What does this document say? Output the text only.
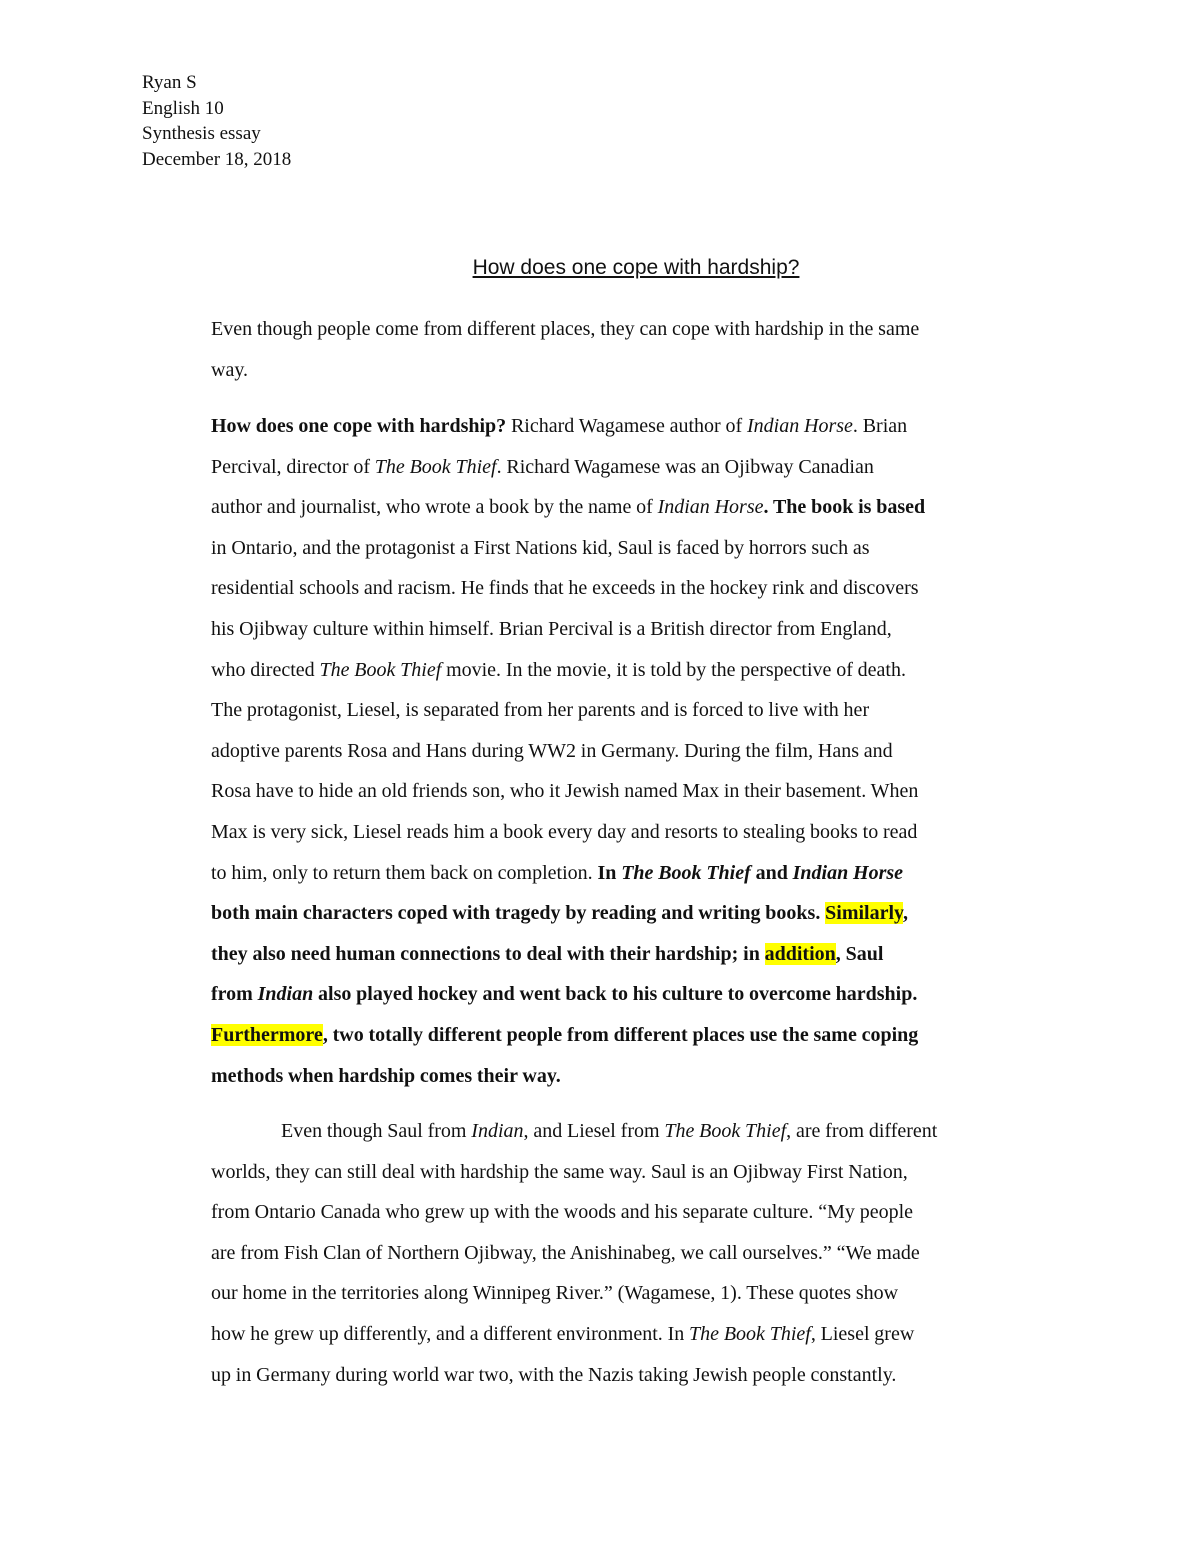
Ryan S
English 10
Synthesis essay
December 18, 2018
How does one cope with hardship?
Even though people come from different places, they can cope with hardship in the same
way.
How does one cope with hardship? Richard Wagamese author of Indian Horse. Brian
Percival, director of The Book Thief. Richard Wagamese was an Ojibway Canadian
author and journalist, who wrote a book by the name of Indian Horse. The book is based
in Ontario, and the protagonist a First Nations kid, Saul is faced by horrors such as
residential schools and racism. He finds that he exceeds in the hockey rink and discovers
his Ojibway culture within himself. Brian Percival is a British director from England,
who directed The Book Thief movie. In the movie, it is told by the perspective of death.
The protagonist, Liesel, is separated from her parents and is forced to live with her
adoptive parents Rosa and Hans during WW2 in Germany. During the film, Hans and
Rosa have to hide an old friends son, who it Jewish named Max in their basement. When
Max is very sick, Liesel reads him a book every day and resorts to stealing books to read
to him, only to return them back on completion. In The Book Thief and Indian Horse
both main characters coped with tragedy by reading and writing books. Similarly,
they also need human connections to deal with their hardship; in addition, Saul
from Indian also played hockey and went back to his culture to overcome hardship.
Furthermore, two totally different people from different places use the same coping
methods when hardship comes their way.
Even though Saul from Indian, and Liesel from The Book Thief, are from different
worlds, they can still deal with hardship the same way. Saul is an Ojibway First Nation,
from Ontario Canada who grew up with the woods and his separate culture. “My people
are from Fish Clan of Northern Ojibway, the Anishinabeg, we call ourselves.” “We made
our home in the territories along Winnipeg River.” (Wagamese, 1). These quotes show
how he grew up differently, and a different environment. In The Book Thief, Liesel grew
up in Germany during world war two, with the Nazis taking Jewish people constantly.
